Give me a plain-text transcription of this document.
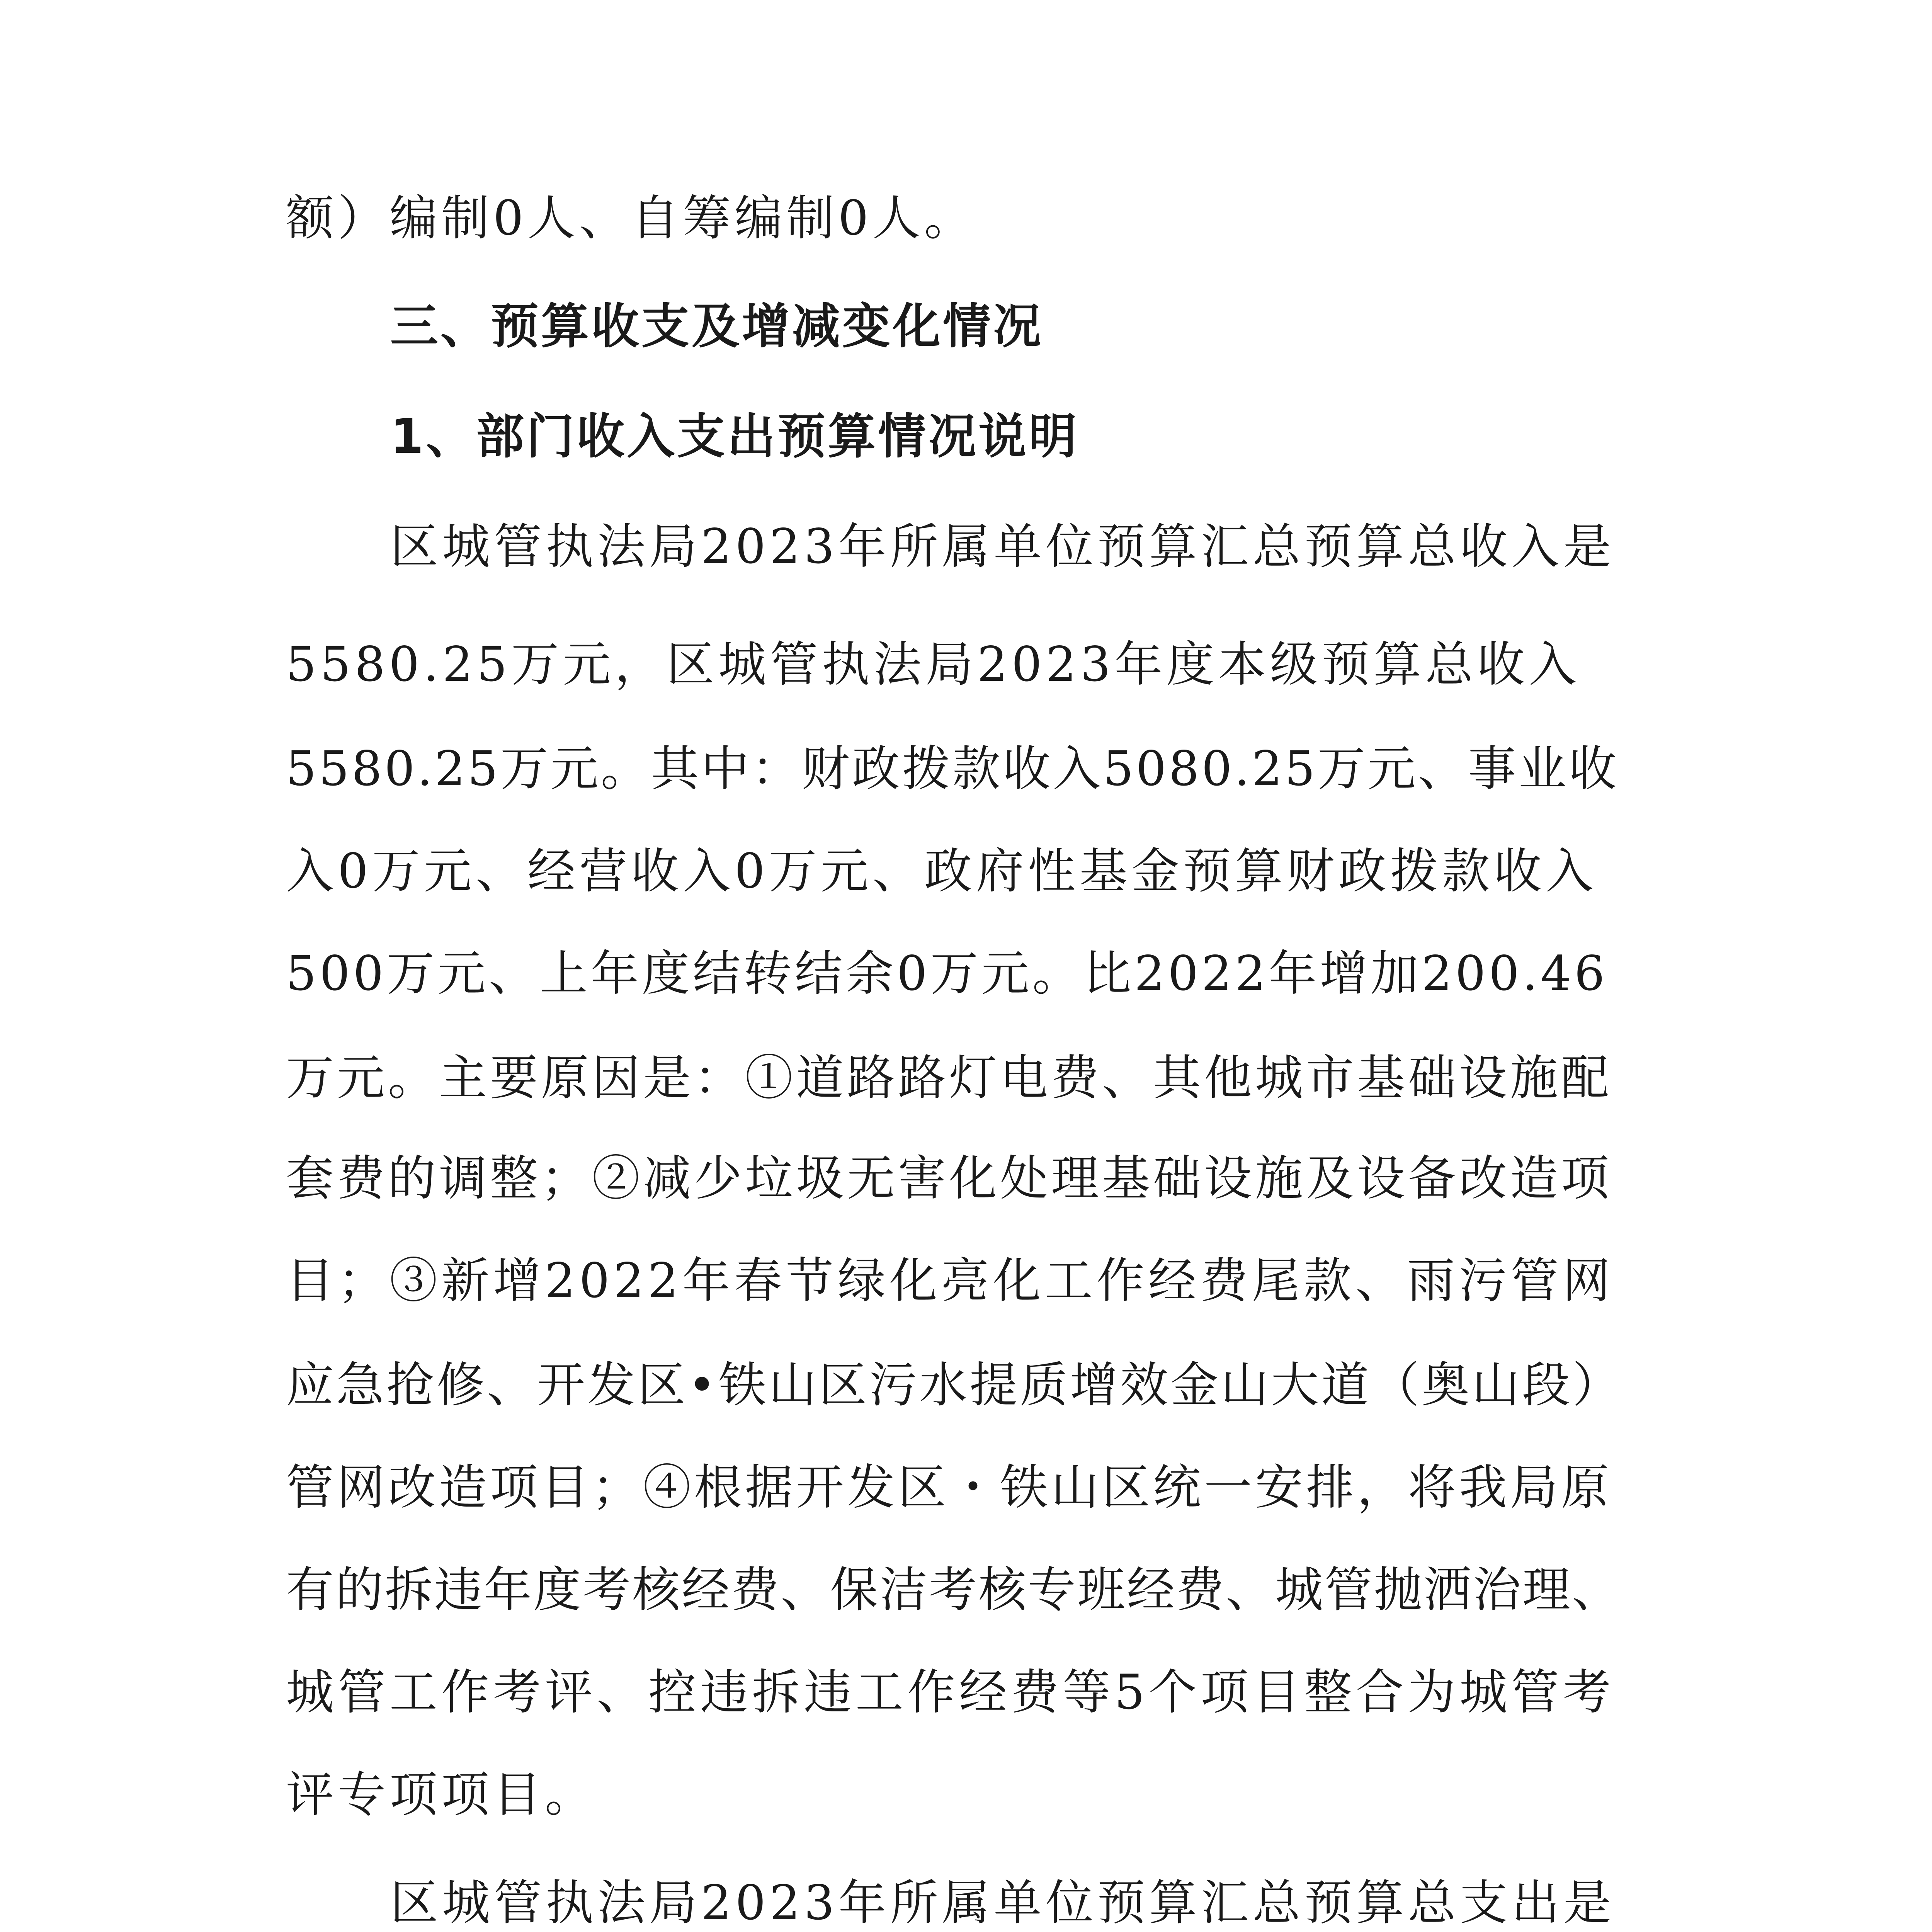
额）编制0人、自筹编制0人。
三、预算收支及增减变化情况
1、部门收入支出预算情况说明
区城管执法局2023年所属单位预算汇总预算总收入是
5580.25万元，区城管执法局2023年度本级预算总收入
5580.25万元。其中：财政拨款收入5080.25万元、事业收
入0万元、经营收入0万元、政府性基金预算财政拨款收入
500万元、上年度结转结余0万元。比2022年增加200.46
万元。主要原因是：①道路路灯电费、其他城市基础设施配
套费的调整；②减少垃圾无害化处理基础设施及设备改造项
目；③新增2022年春节绿化亮化工作经费尾款、雨污管网
应急抢修、开发区•铁山区污水提质增效金山大道（奥山段）
管网改造项目；④根据开发区・铁山区统一安排，将我局原
有的拆违年度考核经费、保洁考核专班经费、城管抛洒治理、
城管工作考评、控违拆违工作经费等5个项目整合为城管考
评专项项目。
区城管执法局2023年所属单位预算汇总预算总支出是
